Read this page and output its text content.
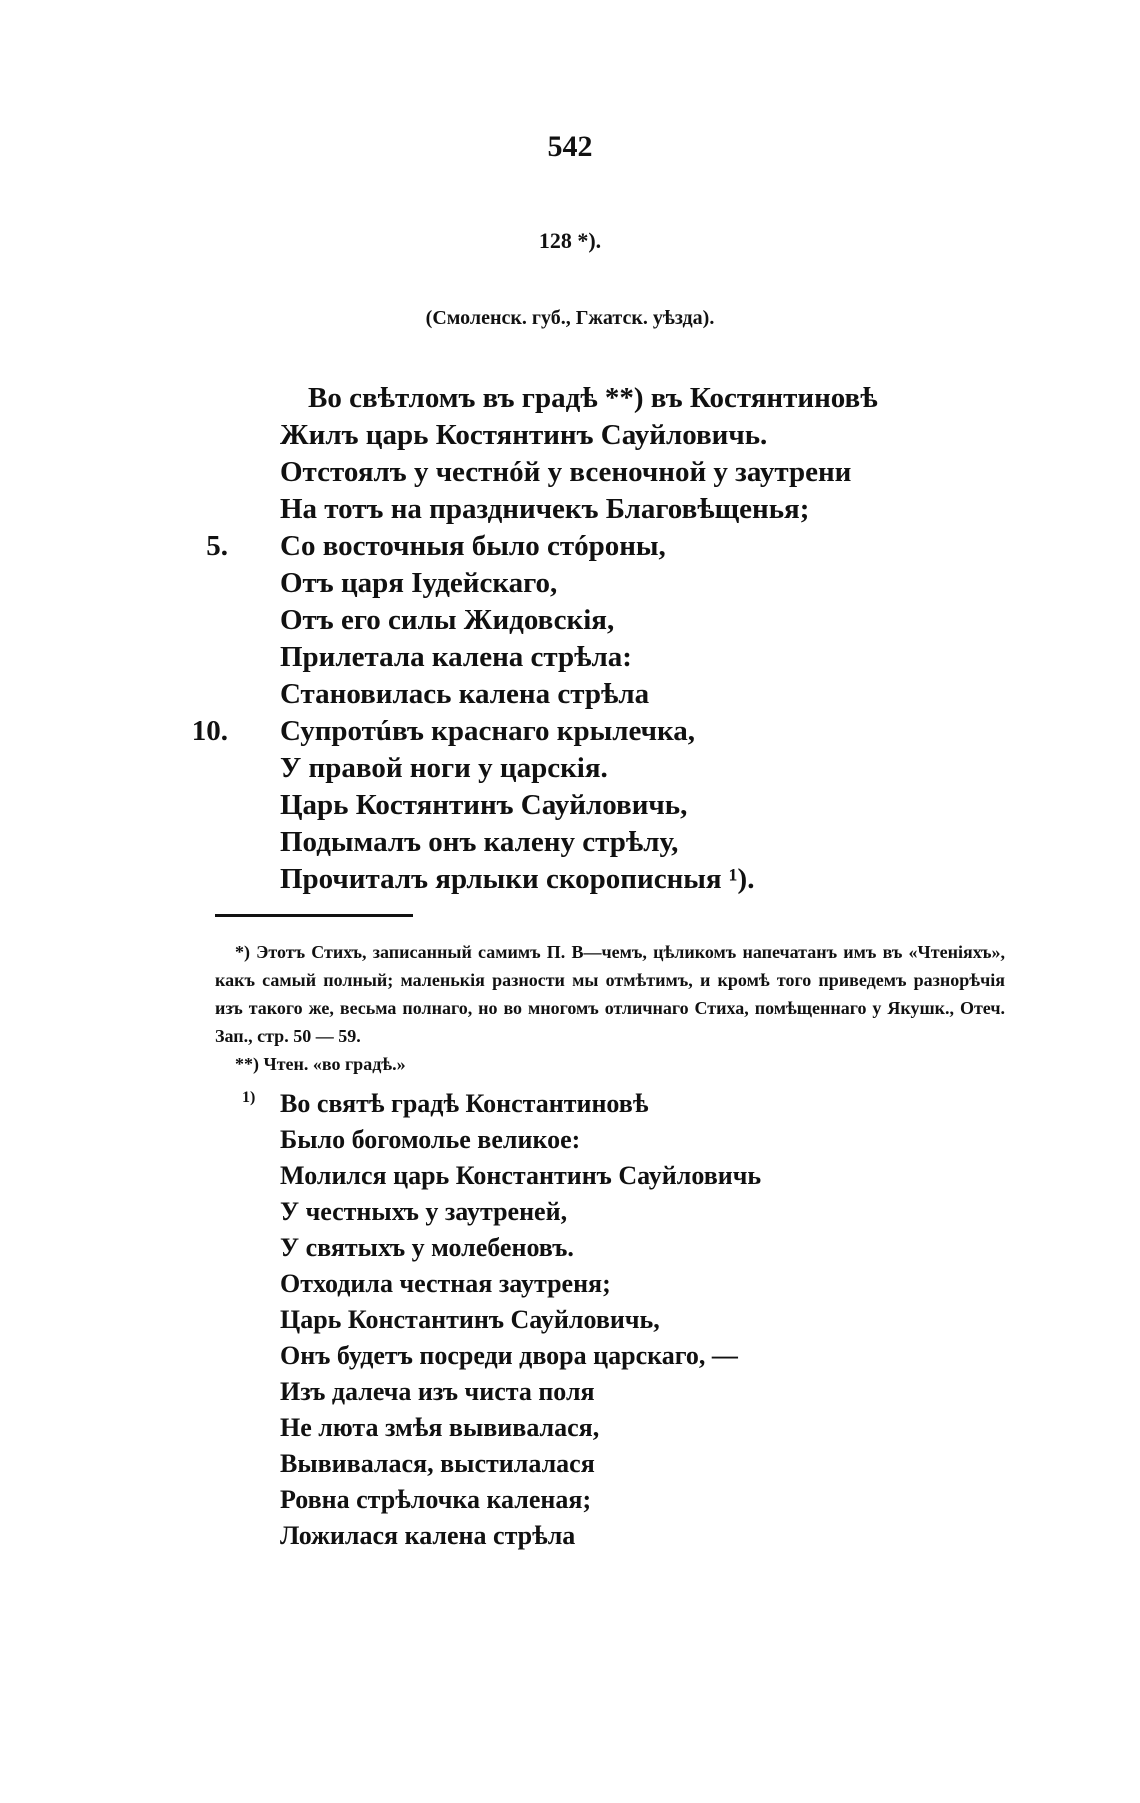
542
128 *).
(Смоленск. губ., Гжатск. уѣзда).
Во свѣтломъ въ градѣ **) въ Костянтиновѣ
Жилъ царь Костянтинъ Сауйловичь.
Отстоялъ у честнóй у всеночной у заутрени
На тотъ на праздничекъ Благовѣщенья;
5. Со восточныя было стóроны,
Отъ царя Іудейскаго,
Отъ его силы Жидовскія,
Прилетала калена стрѣла:
Становилась калена стрѣла
10. Супротúвъ краснаго крылечка,
У правой ноги у царскія.
Царь Костянтинъ Сауйловичь,
Подымалъ онъ калену стрѣлу,
Прочиталъ ярлыки скорописныя ¹).
*) Этотъ Стихъ, записанный самимъ П. В—чемъ, цѣликомъ напечатанъ имъ въ «Чтеніяхъ», какъ самый полный; маленькія разности мы отмѣтимъ, и кромѣ того приведемъ разнорѣчія изъ такого же, весьма полнаго, но во многомъ отличнаго Стиха, помѣщеннаго у Якушк., Отеч. Зап., стр. 50 — 59.
**) Чтен. «во градѣ.»
1) Во святѣ градѣ Константиновѣ
Было богомолье великое:
Молился царь Константинъ Сауйловичь
У честныхъ у заутреней,
У святыхъ у молебеновъ.
Отходила честная заутреня;
Царь Константинъ Сауйловичь,
Онъ будетъ посреди двора царскаго, —
Изъ далеча изъ чиста поля
Не люта змѣя вывивалася,
Вывивалася, выстилалася
Ровна стрѣлочка каленая;
Ложилася калена стрѣла
